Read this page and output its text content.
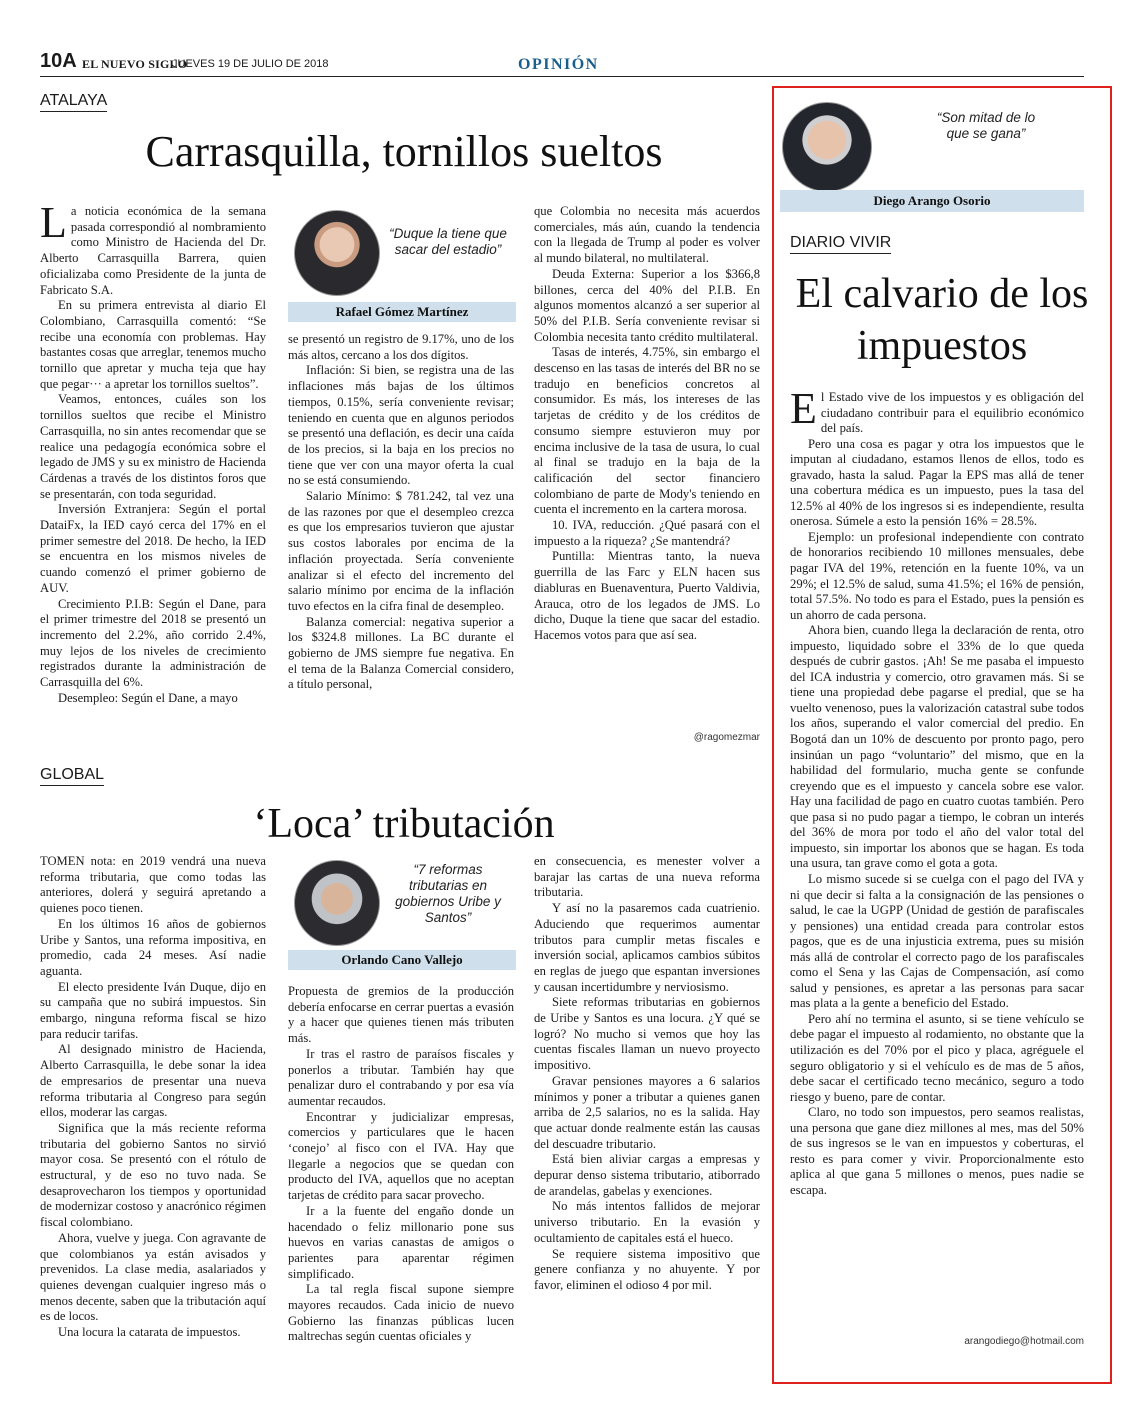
10A EL NUEVO SIGLO
JUEVES 19 DE JULIO DE 2018	OPINIÓN
ATALAYA
Carrasquilla, tornillos sueltos

La noticia económica de la semana pasada correspondió al nombramiento como Ministro de Hacienda del Dr. Alberto Carrasquilla Barrera, quien oficializaba como Presidente de la junta de Fabricato S.A.

En su primera entrevista al diario El Colombiano, Carrasquilla comentó: “Se recibe una economía con problemas. Hay bastantes cosas que arreglar, tenemos mucho tornillo que apretar y mucha teja que hay que pegar··· a apretar los tornillos sueltos”.

Veamos, entonces, cuáles son los tornillos sueltos que recibe el Ministro Carrasquilla, no sin antes recomendar que se realice una pedagogía económica sobre el legado de JMS y su ex ministro de Hacienda Cárdenas a través de los distintos foros que se presentarán, con toda seguridad.

Inversión Extranjera: Según el portal DataiFx, la IED cayó cerca del 17% en el primer semestre del 2018. De hecho, la IED se encuentra en los mismos niveles de cuando comenzó el primer gobierno de AUV.

Crecimiento P.I.B: Según el Dane, para el primer trimestre del 2018 se presentó un incremento del 2.2%, año corrido 2.4%, muy lejos de los niveles de crecimiento registrados durante la administración de Carrasquilla del 6%.

Desempleo: Según el Dane, a mayo

“Duque la tiene que sacar del estadio”
Rafael Gómez Martínez

se presentó un registro de 9.17%, uno de los más altos, cercano a los dos dígitos.

Inflación: Si bien, se registra una de las inflaciones más bajas de los últimos tiempos, 0.15%, sería conveniente revisar; teniendo en cuenta que en algunos periodos se presentó una deflación, es decir una caída de los precios, si la baja en los precios no tiene que ver con una mayor oferta la cual no se está consumiendo.

Salario Mínimo: $ 781.242, tal vez una de las razones por que el desempleo crezca es que los empresarios tuvieron que ajustar sus costos laborales por encima de la inflación proyectada. Sería conveniente analizar si el efecto del incremento del salario mínimo por encima de la inflación tuvo efectos en la cifra final de desempleo.

Balanza comercial: negativa superior a los $324.8 millones. La BC durante el gobierno de JMS siempre fue negativa. En el tema de la Balanza Comercial considero, a título personal,

que Colombia no necesita más acuerdos comerciales, más aún, cuando la tendencia con la llegada de Trump al poder es volver al mundo bilateral, no multilateral.

Deuda Externa: Superior a los $366,8 billones, cerca del 40% del P.I.B. En algunos momentos alcanzó a ser superior al 50% del P.I.B. Sería conveniente revisar si Colombia necesita tanto crédito multilateral.

Tasas de interés, 4.75%, sin embargo el descenso en las tasas de interés del BR no se tradujo en beneficios concretos al consumidor. Es más, los intereses de las tarjetas de crédito y de los créditos de consumo siempre estuvieron muy por encima inclusive de la tasa de usura, lo cual al final se tradujo en la baja de la calificación del sector financiero colombiano de parte de Mody's teniendo en cuenta el incremento en la cartera morosa.

10. IVA, reducción. ¿Qué pasará con el impuesto a la riqueza? ¿Se mantendrá?

Puntilla: Mientras tanto, la nueva guerrilla de las Farc y ELN hacen sus diabluras en Buenaventura, Puerto Valdivia, Arauca, otro de los legados de JMS. Lo dicho, Duque la tiene que sacar del estadio. Hacemos votos para que así sea.

@ragomezmar
GLOBAL
‘Loca’ tributación

TOMEN nota: en 2019 vendrá una nueva reforma tributaria, que como todas las anteriores, dolerá y seguirá apretando a quienes poco tienen.

En los últimos 16 años de gobiernos Uribe y Santos, una reforma impositiva, en promedio, cada 24 meses. Así nadie aguanta.

El electo presidente Iván Duque, dijo en su campaña que no subirá impuestos. Sin embargo, ninguna reforma fiscal se hizo para reducir tarifas.

Al designado ministro de Hacienda, Alberto Carrasquilla, le debe sonar la idea de empresarios de presentar una nueva reforma tributaria al Congreso para según ellos, moderar las cargas.

Significa que la más reciente reforma tributaria del gobierno Santos no sirvió mayor cosa. Se presentó con el rótulo de estructural, y de eso no tuvo nada. Se desaprovecharon los tiempos y oportunidad de modernizar costoso y anacrónico régimen fiscal colombiano.

Ahora, vuelve y juega. Con agravante de que colombianos ya están avisados y prevenidos. La clase media, asalariados y quienes devengan cualquier ingreso más o menos decente, saben que la tributación aquí es de locos.

Una locura la catarata de impuestos.

“7 reformas tributarias en gobiernos Uribe y Santos”
Orlando Cano Vallejo

Propuesta de gremios de la producción debería enfocarse en cerrar puertas a evasión y a hacer que quienes tienen más tributen más.

Ir tras el rastro de paraísos fiscales y ponerlos a tributar. También hay que penalizar duro el contrabando y por esa vía aumentar recaudos.

Encontrar y judicializar empresas, comercios y particulares que le hacen ‘conejo’ al fisco con el IVA. Hay que llegarle a negocios que se quedan con producto del IVA, aquellos que no aceptan tarjetas de crédito para sacar provecho.

Ir a la fuente del engaño donde un hacendado o feliz millonario pone sus huevos en varias canastas de amigos o parientes para aparentar régimen simplificado.

La tal regla fiscal supone siempre mayores recaudos. Cada inicio de nuevo Gobierno las finanzas públicas lucen maltrechas según cuentas oficiales y

en consecuencia, es menester volver a barajar las cartas de una nueva reforma tributaria.

Y así no la pasaremos cada cuatrienio. Aduciendo que requerimos aumentar tributos para cumplir metas fiscales e inversión social, aplicamos cambios súbitos en reglas de juego que espantan inversiones y causan incertidumbre y nerviosismo.

Siete reformas tributarias en gobiernos de Uribe y Santos es una locura. ¿Y qué se logró? No mucho si vemos que hoy las cuentas fiscales llaman un nuevo proyecto impositivo.

Gravar pensiones mayores a 6 salarios mínimos y poner a tributar a quienes ganen arriba de 2,5 salarios, no es la salida. Hay que actuar donde realmente están las causas del descuadre tributario.

Está bien aliviar cargas a empresas y depurar denso sistema tributario, atiborrado de arandelas, gabelas y exenciones.

No más intentos fallidos de mejorar universo tributario. En la evasión y ocultamiento de capitales está el hueco.

Se requiere sistema impositivo que genere confianza y no ahuyente. Y por favor, eliminen el odioso 4 por mil.

“Son mitad de lo que se gana”
Diego Arango Osorio
DIARIO VIVIR
El calvario de los impuestos

El Estado vive de los impuestos y es obligación del ciudadano contribuir para el equilibrio económico del país.

Pero una cosa es pagar y otra los impuestos que le imputan al ciudadano, estamos llenos de ellos, todo es gravado, hasta la salud. Pagar la EPS mas allá de tener una cobertura médica es un impuesto, pues la tasa del 12.5% al 40% de los ingresos si es independiente, resulta onerosa. Súmele a esto la pensión 16% = 28.5%.

Ejemplo: un profesional independiente con contrato de honorarios recibiendo 10 millones mensuales, debe pagar IVA del 19%, retención en la fuente 10%, va un 29%; el 12.5% de salud, suma 41.5%; el 16% de pensión, total 57.5%. No todo es para el Estado, pues la pensión es un ahorro de cada persona.

Ahora bien, cuando llega la declaración de renta, otro impuesto, liquidado sobre el 33% de lo que queda después de cubrir gastos. ¡Ah! Se me pasaba el impuesto del ICA industria y comercio, otro gravamen más. Si se tiene una propiedad debe pagarse el predial, que se ha vuelto venenoso, pues la valorización catastral sube todos los años, superando el valor comercial del predio. En Bogotá dan un 10% de descuento por pronto pago, pero insinúan un pago “voluntario” del mismo, que en la habilidad del formulario, mucha gente se confunde creyendo que es el impuesto y cancela sobre ese valor. Hay una facilidad de pago en cuatro cuotas también. Pero que pasa si no pudo pagar a tiempo, le cobran un interés del 36% de mora por todo el año del valor total del impuesto, sin importar los abonos que se hagan. Es toda una usura, tan grave como el gota a gota.

Lo mismo sucede si se cuelga con el pago del IVA y ni que decir si falta a la consignación de las pensiones o salud, le cae la UGPP (Unidad de gestión de parafiscales y pensiones) una entidad creada para controlar estos pagos, que es de una injusticia extrema, pues su misión más allá de controlar el correcto pago de los parafiscales como el Sena y las Cajas de Compensación, así como salud y pensiones, es apretar a las personas para sacar mas plata a la gente a beneficio del Estado.

Pero ahí no termina el asunto, si se tiene vehículo se debe pagar el impuesto al rodamiento, no obstante que la utilización es del 70% por el pico y placa, agréguele el seguro obligatorio y si el vehículo es de mas de 5 años, debe sacar el certificado tecno mecánico, seguro a todo riesgo y bueno, pare de contar.

Claro, no todo son impuestos, pero seamos realistas, una persona que gane diez millones al mes, mas del 50% de sus ingresos se le van en impuestos y coberturas, el resto es para comer y vivir. Proporcionalmente esto aplica al que gana 5 millones o menos, pues nadie se escapa.

arangodiego@hotmail.com
